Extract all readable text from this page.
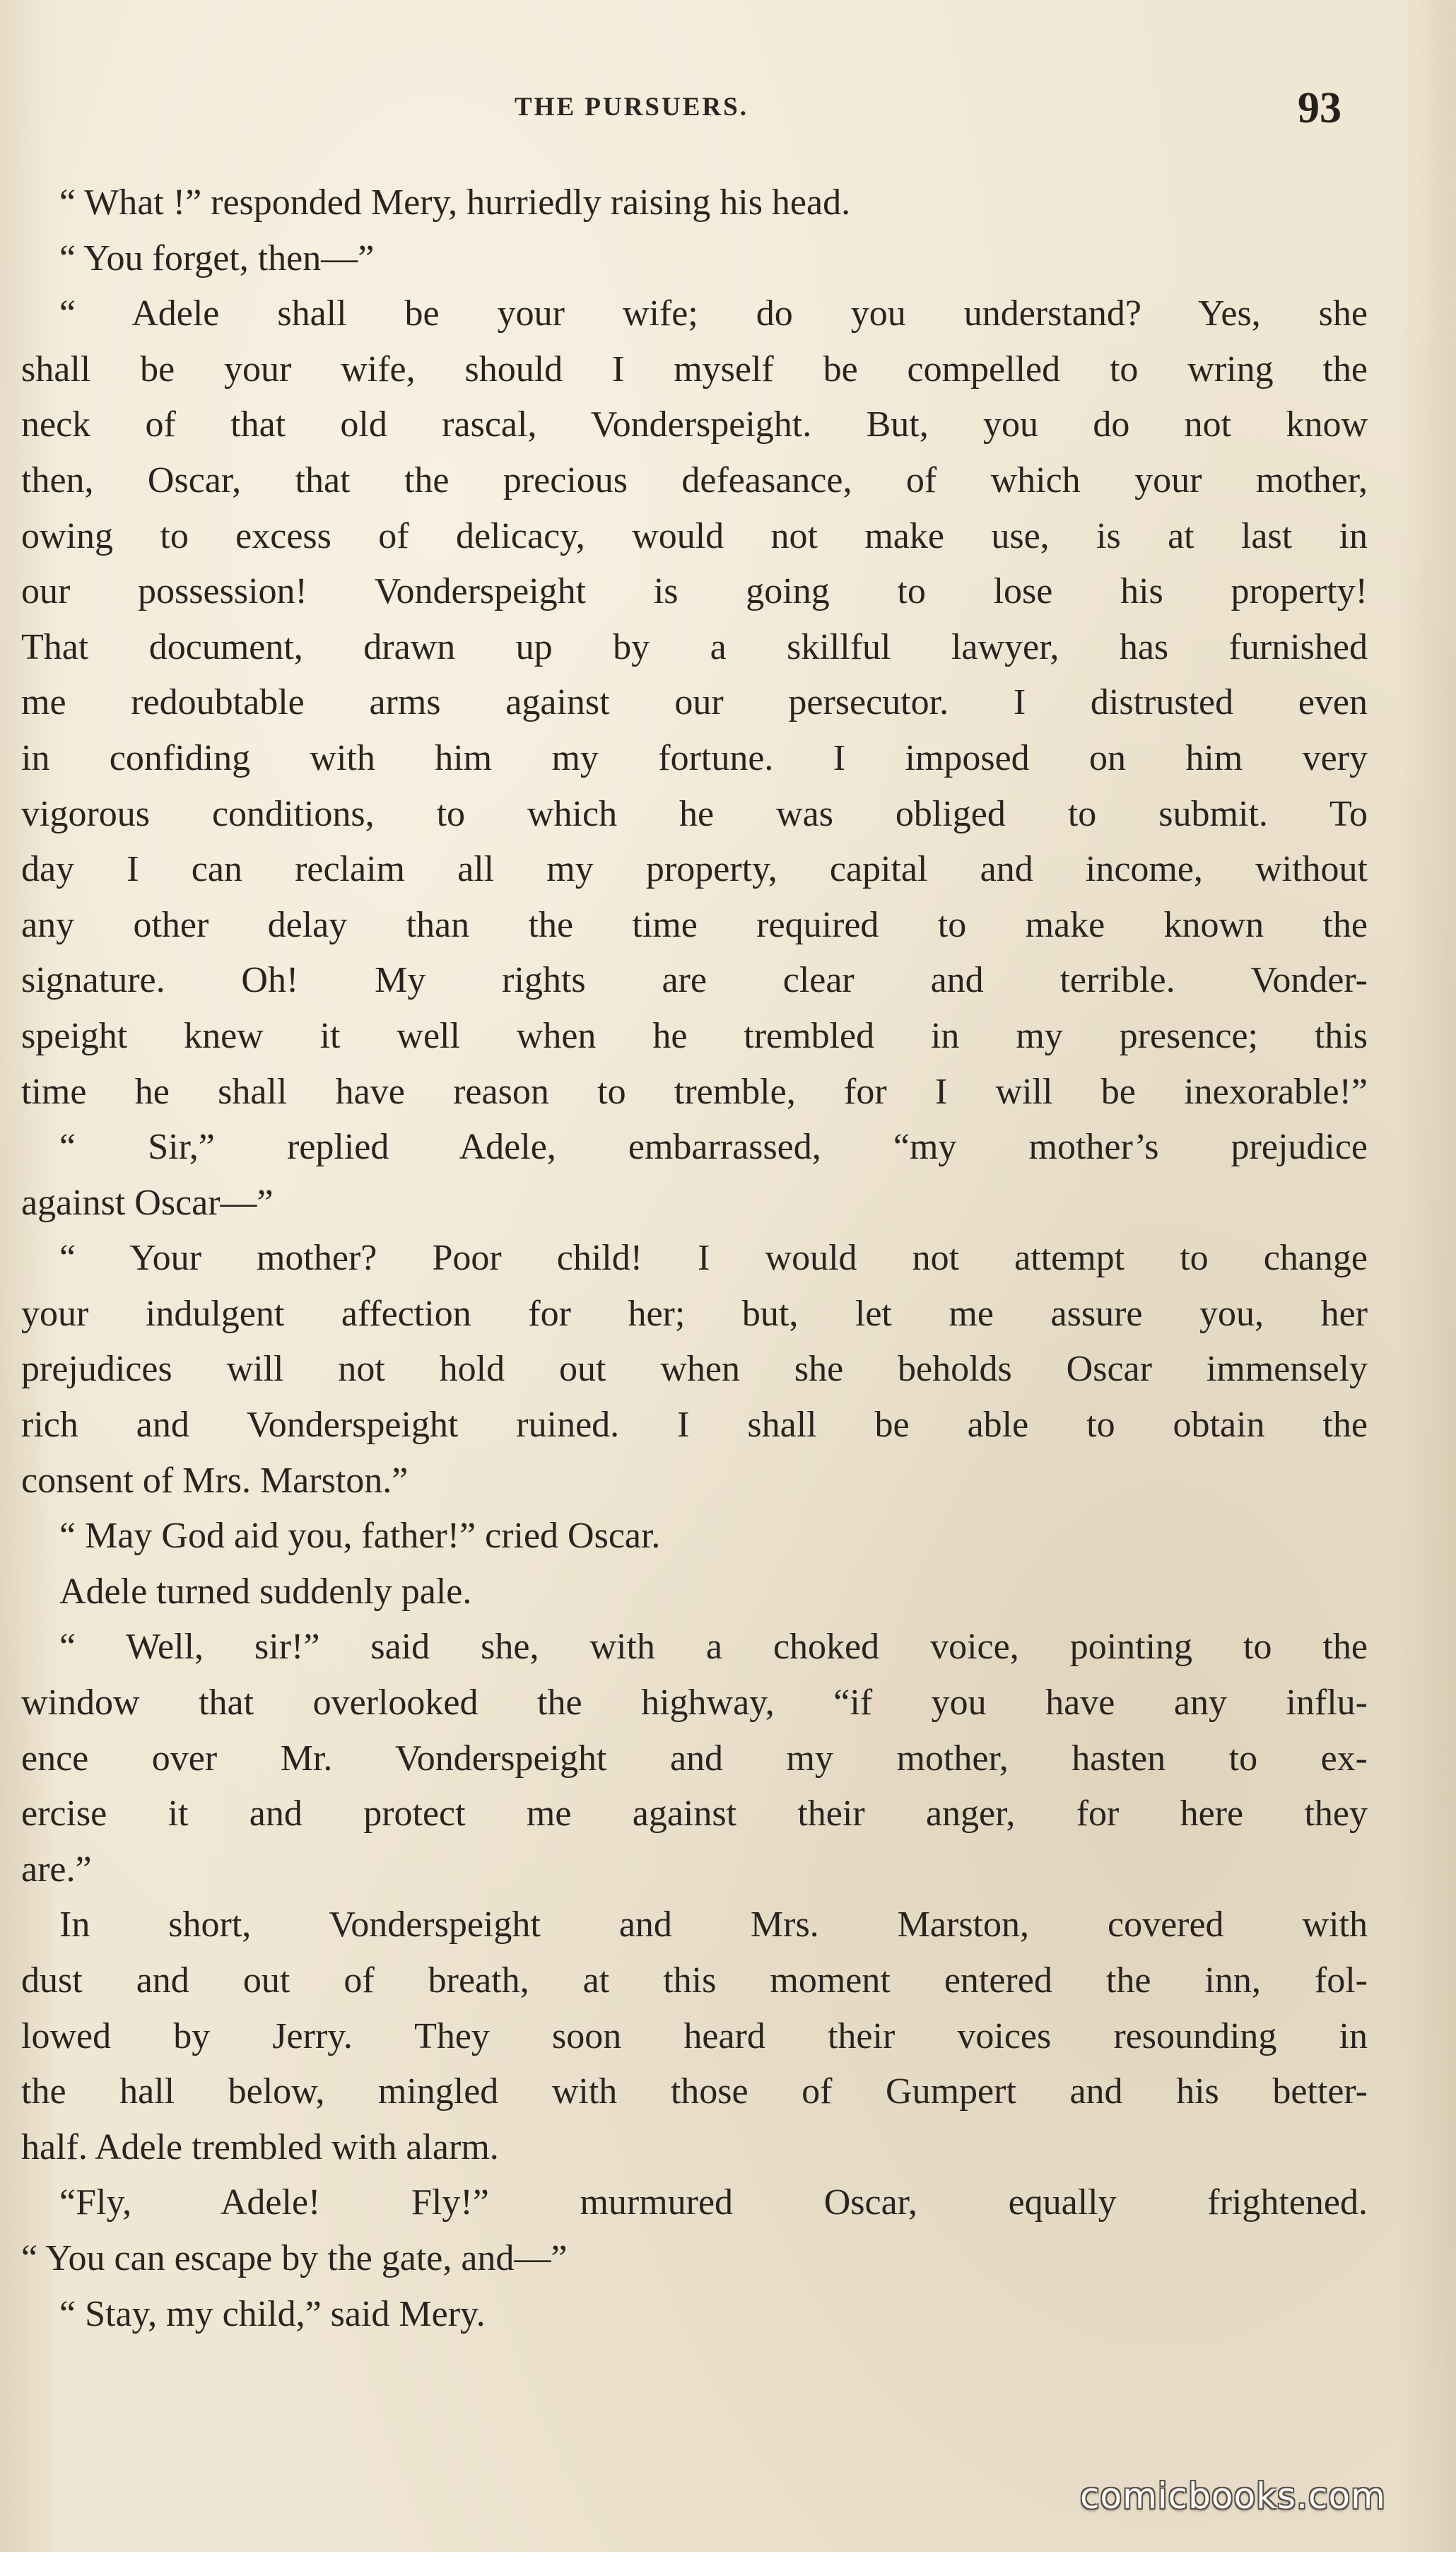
THE PURSUERS.	93
“ What !” responded Mery, hurriedly raising his head.
“ You forget, then—”
“ Adele shall be your wife; do you understand? Yes, she
shall be your wife, should I myself be compelled to wring the
neck of that old rascal, Vonderspeight. But, you do not know
then, Oscar, that the precious defeasance, of which your mother,
owing to excess of delicacy, would not make use, is at last in
our possession! Vonderspeight is going to lose his property!
That document, drawn up by a skillful lawyer, has furnished
me redoubtable arms against our persecutor. I distrusted even
in confiding with him my fortune. I imposed on him very
vigorous conditions, to which he was obliged to submit. To
day I can reclaim all my property, capital and income, without
any other delay than the time required to make known the
signature. Oh! My rights are clear and terrible. Vonder-
speight knew it well when he trembled in my presence; this
time he shall have reason to tremble, for I will be inexorable!”
“ Sir,” replied Adele, embarrassed, “my mother’s prejudice
against Oscar—”
“ Your mother? Poor child! I would not attempt to change
your indulgent affection for her; but, let me assure you, her
prejudices will not hold out when she beholds Oscar immensely
rich and Vonderspeight ruined. I shall be able to obtain the
consent of Mrs. Marston.”
“ May God aid you, father!” cried Oscar.
Adele turned suddenly pale.
“ Well, sir!” said she, with a choked voice, pointing to the
window that overlooked the highway, “if you have any influ-
ence over Mr. Vonderspeight and my mother, hasten to ex-
ercise it and protect me against their anger, for here they
are.”
In short, Vonderspeight and Mrs. Marston, covered with
dust and out of breath, at this moment entered the inn, fol-
lowed by Jerry. They soon heard their voices resounding in
the hall below, mingled with those of Gumpert and his better-
half. Adele trembled with alarm.
“Fly, Adele! Fly!” murmured Oscar, equally frightened.
“ You can escape by the gate, and—”
“ Stay, my child,” said Mery.
comicbooks.com
